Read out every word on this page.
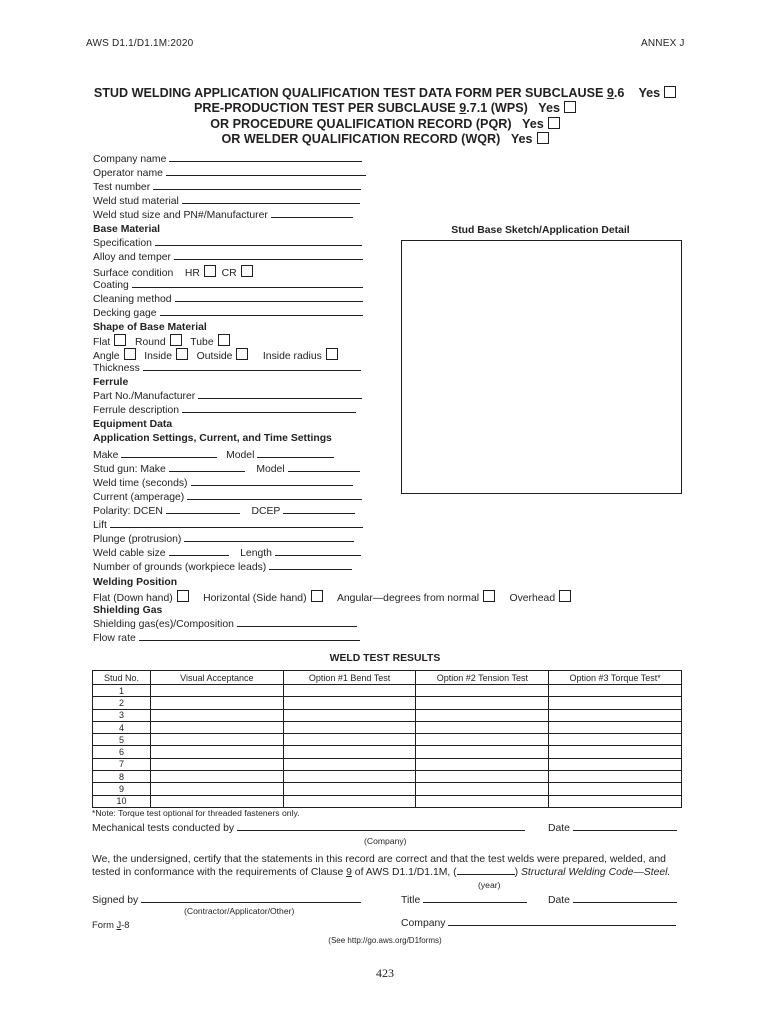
AWS D1.1/D1.1M:2020	ANNEX J
STUD WELDING APPLICATION QUALIFICATION TEST DATA FORM PER SUBCLAUSE 9.6 Yes
PRE-PRODUCTION TEST PER SUBCLAUSE 9.7.1 (WPS) Yes
OR PROCEDURE QUALIFICATION RECORD (PQR) Yes
OR WELDER QUALIFICATION RECORD (WQR) Yes
Company name
Operator name
Test number
Weld stud material
Weld stud size and PN#/Manufacturer
Base Material
Specification
Alloy and temper
Surface condition HR CR
Coating
Cleaning method
Decking gage
Shape of Base Material
Flat Round Tube
Angle Inside Outside	Inside radius
Thickness
Ferrule
Part No./Manufacturer
Ferrule description
Equipment Data
Application Settings, Current, and Time Settings
Make	Model
Stud gun: Make	Model
Weld time (seconds)
Current (amperage)
Polarity: DCEN	DCEP
Lift
Plunge (protrusion)
Weld cable size	Length
Number of grounds (workpiece leads)
Welding Position
Flat (Down hand)	Horizontal (Side hand)	Angular—degrees from normal	Overhead
Shielding Gas
Shielding gas(es)/Composition
Flow rate
Stud Base Sketch/Application Detail
WELD TEST RESULTS
Stud No.	Visual Acceptance	Option #1 Bend Test	Option #2 Tension Test	Option #3 Torque Test*
1				
2				
3				
4				
5				
6				
7				
8				
9				
10				
*Note: Torque test optional for threaded fasteners only.
Mechanical tests conducted by	Date
(Company)
We, the undersigned, certify that the statements in this record are correct and that the test welds were prepared, welded, and
tested in conformance with the requirements of Clause 9 of AWS D1.1/D1.1M, (	) Structural Welding Code—Steel.
(year)
Signed by	Title	Date
(Contractor/Applicator/Other)
Form J-8	Company
(See http://go.aws.org/D1forms)
423
